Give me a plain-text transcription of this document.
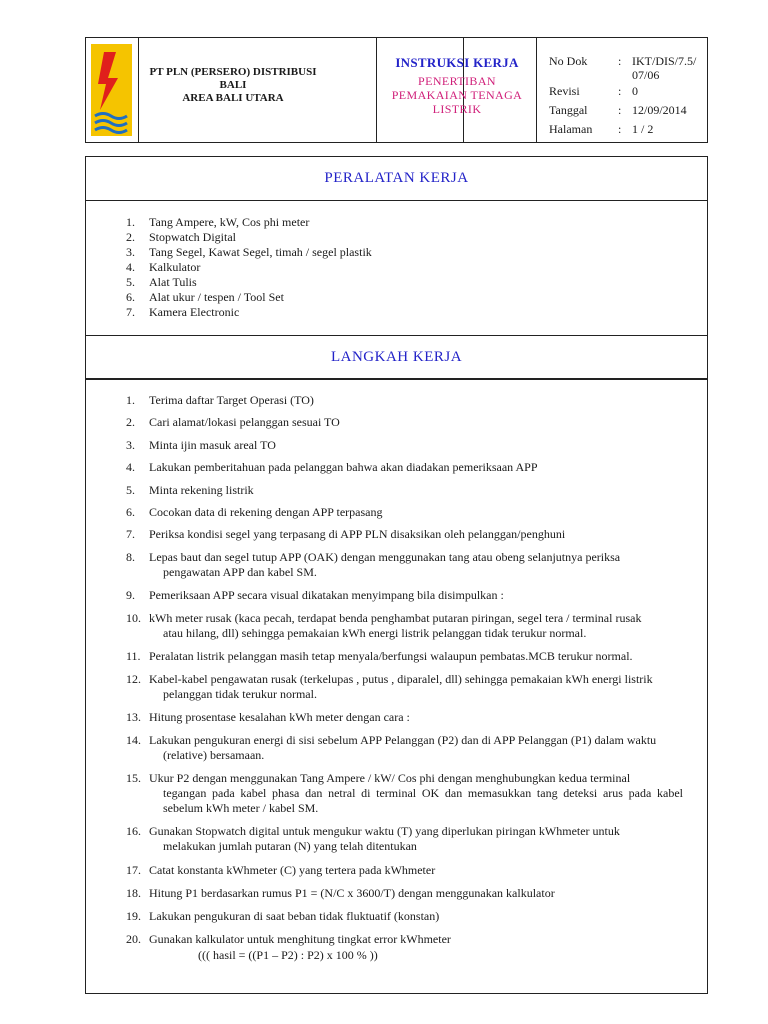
PT PLN (PERSERO) DISTRIBUSI BALI
AREA BALI UTARA
INSTRUKSI KERJA
PENERTIBAN
PEMAKAIAN TENAGA
LISTRIK
No Dok	: IKT/DIS/7.5/ 07/06
Revisi	: 0
Tanggal	: 12/09/2014
Halaman	: 1 / 2
PERALATAN KERJA
1. Tang Ampere, kW, Cos phi meter
2. Stopwatch Digital
3. Tang Segel, Kawat Segel, timah / segel plastik
4. Kalkulator
5. Alat Tulis
6. Alat ukur / tespen / Tool Set
7. Kamera Electronic
LANGKAH KERJA
1.	Terima daftar Target Operasi (TO)
2.	Cari alamat/lokasi pelanggan sesuai TO
3.	Minta ijin masuk areal TO
4.	Lakukan pemberitahuan pada pelanggan bahwa akan diadakan pemeriksaan APP
5.	Minta rekening listrik
6.	Cocokan data di rekening dengan APP terpasang
7.	Periksa kondisi segel yang terpasang di APP PLN disaksikan oleh pelanggan/penghuni
8.	Lepas baut dan segel tutup APP (OAK) dengan menggunakan tang atau obeng selanjutnya periksa
pengawatan APP dan kabel SM.
9.	Pemeriksaan APP secara visual dikatakan menyimpang bila disimpulkan :
10. kWh meter rusak (kaca pecah, terdapat benda penghambat putaran piringan, segel tera / terminal rusak
atau hilang, dll) sehingga pemakaian kWh energi listrik pelanggan tidak terukur normal.
11. Peralatan listrik pelanggan masih tetap menyala/berfungsi walaupun pembatas.MCB terukur normal.
12. Kabel-kabel pengawatan rusak (terkelupas , putus , diparalel, dll) sehingga pemakaian kWh energi listrik
pelanggan tidak terukur normal.
13. Hitung prosentase kesalahan kWh meter dengan cara :
14. Lakukan pengukuran energi di sisi sebelum APP Pelanggan (P2) dan di APP Pelanggan (P1) dalam waktu
(relative) bersamaan.
15. Ukur P2 dengan menggunakan Tang Ampere / kW/ Cos phi dengan menghubungkan kedua terminal
tegangan pada kabel phasa dan netral di terminal OK dan memasukkan tang deteksi arus pada kabel sebelum kWh meter / kabel SM.
16. Gunakan Stopwatch digital untuk mengukur waktu (T) yang diperlukan piringan kWhmeter untuk
melakukan jumlah putaran (N) yang telah ditentukan
17. Catat konstanta kWhmeter (C) yang tertera pada kWhmeter
18. Hitung P1 berdasarkan rumus P1 = (N/C x 3600/T) dengan menggunakan kalkulator
19. Lakukan pengukuran di saat beban tidak fluktuatif (konstan)
20. Gunakan kalkulator untuk menghitung tingkat error kWhmeter
((( hasil = ((P1 – P2) : P2) x 100 % ))
